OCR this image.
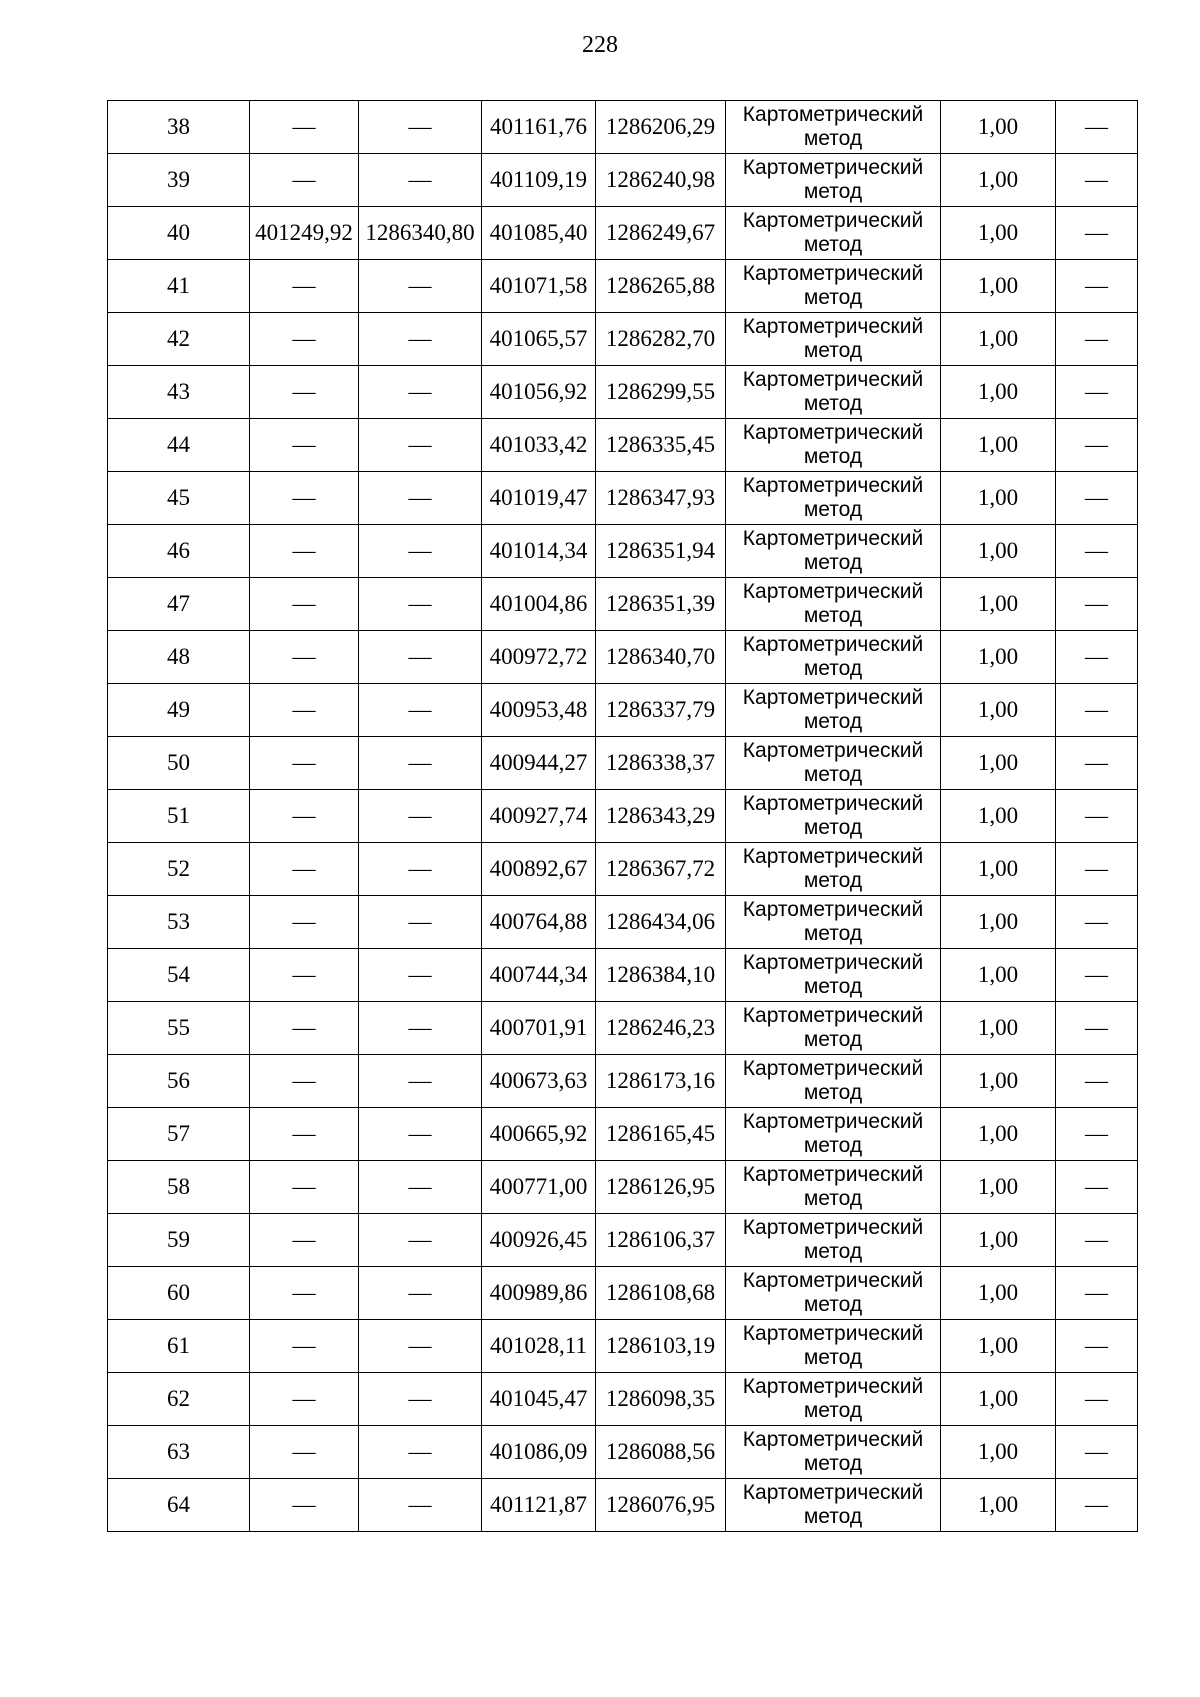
228
38	—	—	401161,76	1286206,29	Картометрический метод	1,00	—
39	—	—	401109,19	1286240,98	Картометрический метод	1,00	—
40	401249,92	1286340,80	401085,40	1286249,67	Картометрический метод	1,00	—
41	—	—	401071,58	1286265,88	Картометрический метод	1,00	—
42	—	—	401065,57	1286282,70	Картометрический метод	1,00	—
43	—	—	401056,92	1286299,55	Картометрический метод	1,00	—
44	—	—	401033,42	1286335,45	Картометрический метод	1,00	—
45	—	—	401019,47	1286347,93	Картометрический метод	1,00	—
46	—	—	401014,34	1286351,94	Картометрический метод	1,00	—
47	—	—	401004,86	1286351,39	Картометрический метод	1,00	—
48	—	—	400972,72	1286340,70	Картометрический метод	1,00	—
49	—	—	400953,48	1286337,79	Картометрический метод	1,00	—
50	—	—	400944,27	1286338,37	Картометрический метод	1,00	—
51	—	—	400927,74	1286343,29	Картометрический метод	1,00	—
52	—	—	400892,67	1286367,72	Картометрический метод	1,00	—
53	—	—	400764,88	1286434,06	Картометрический метод	1,00	—
54	—	—	400744,34	1286384,10	Картометрический метод	1,00	—
55	—	—	400701,91	1286246,23	Картометрический метод	1,00	—
56	—	—	400673,63	1286173,16	Картометрический метод	1,00	—
57	—	—	400665,92	1286165,45	Картометрический метод	1,00	—
58	—	—	400771,00	1286126,95	Картометрический метод	1,00	—
59	—	—	400926,45	1286106,37	Картометрический метод	1,00	—
60	—	—	400989,86	1286108,68	Картометрический метод	1,00	—
61	—	—	401028,11	1286103,19	Картометрический метод	1,00	—
62	—	—	401045,47	1286098,35	Картометрический метод	1,00	—
63	—	—	401086,09	1286088,56	Картометрический метод	1,00	—
64	—	—	401121,87	1286076,95	Картометрический метод	1,00	—
